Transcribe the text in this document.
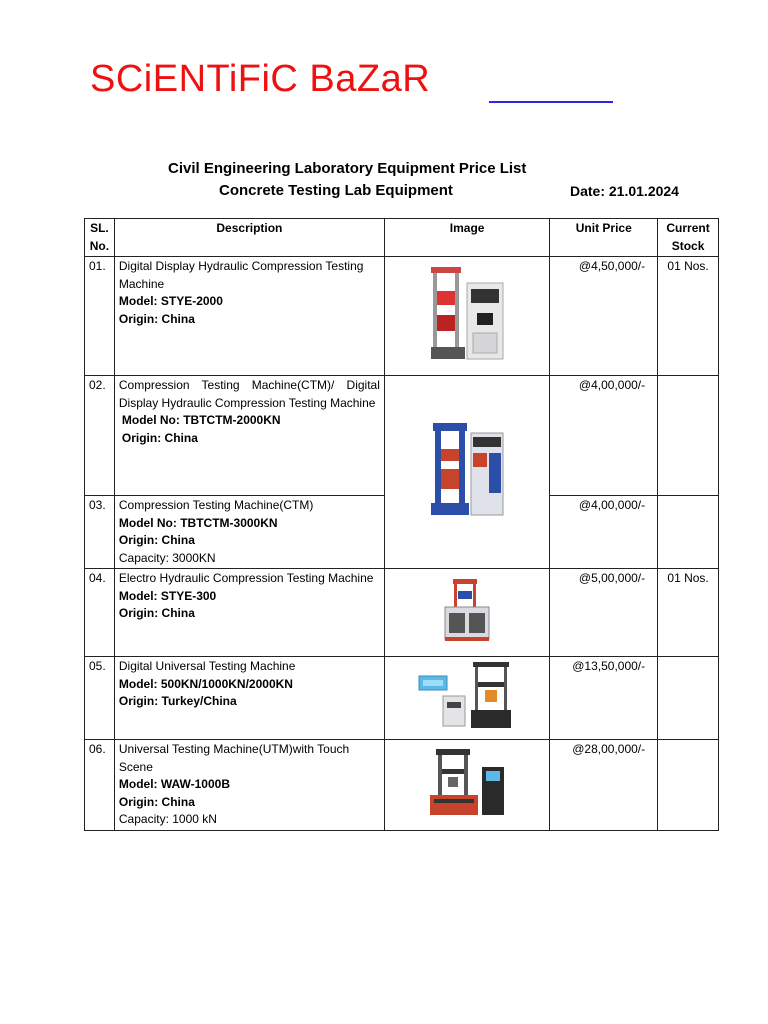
SCiENTiFiC BaZaR
Civil Engineering Laboratory Equipment Price List
Concrete Testing Lab Equipment	Date: 21.01.2024
SL. No.	Description	Image	Unit Price	Current Stock
01.	Digital Display Hydraulic Compression Testing Machine
Model: STYE-2000
Origin: China		@4,50,000/-	01 Nos.
02.	Compression Testing Machine(CTM)/ Digital Display Hydraulic Compression Testing Machine
Model No: TBTCTM-2000KN
Origin: China		@4,00,000/-	
03.	Compression Testing Machine(CTM)
Model No: TBTCTM-3000KN
Origin: China
Capacity: 3000KN		@4,00,000/-	
04.	Electro Hydraulic Compression Testing Machine
Model: STYE-300
Origin: China		@5,00,000/-	01 Nos.
05.	Digital Universal Testing Machine
Model: 500KN/1000KN/2000KN
Origin: Turkey/China		@13,50,000/-	
06.	Universal Testing Machine(UTM)with Touch Scene
Model: WAW-1000B
Origin: China
Capacity: 1000 kN		@28,00,000/-	
